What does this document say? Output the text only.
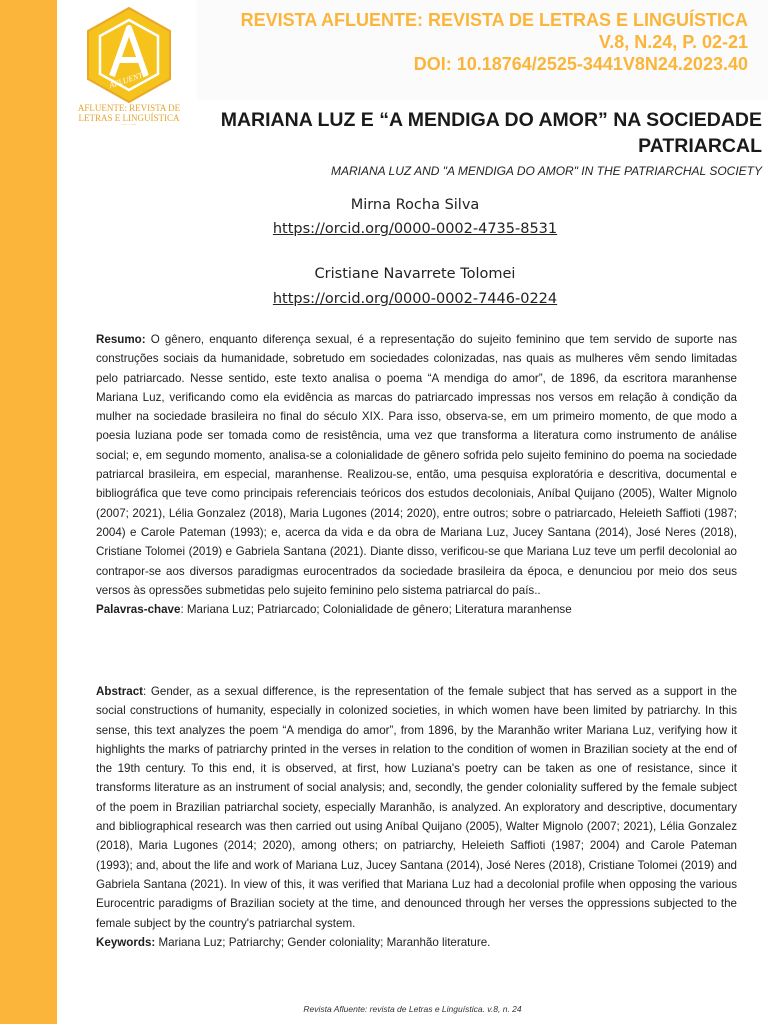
AFLUENTE
AFLUENTE: REVISTA DE
LETRAS E LINGUÍSTICA
— · —
REVISTA AFLUENTE: REVISTA DE LETRAS E LINGUÍSTICA
V.8, N.24, P. 02-21
DOI: 10.18764/2525-3441V8N24.2023.40
MARIANA LUZ E “A MENDIGA DO AMOR” NA SOCIEDADE PATRIARCAL
MARIANA LUZ AND "A MENDIGA DO AMOR" IN THE PATRIARCHAL SOCIETY
Mirna Rocha Silva
https://orcid.org/0000-0002-4735-8531
Cristiane Navarrete Tolomei
https://orcid.org/0000-0002-7446-0224

Resumo: O gênero, enquanto diferença sexual, é a representação do sujeito feminino que tem servido de suporte nas construções sociais da humanidade, sobretudo em sociedades colonizadas, nas quais as mulheres vêm sendo limitadas pelo patriarcado. Nesse sentido, este texto analisa o poema “A mendiga do amor”, de 1896, da escritora maranhense Mariana Luz, verificando como ela evidência as marcas do patriarcado impressas nos versos em relação à condição da mulher na sociedade brasileira no final do século XIX. Para isso, observa-se, em um primeiro momento, de que modo a poesia luziana pode ser tomada como de resistência, uma vez que transforma a literatura como instrumento de análise social; e, em segundo momento, analisa-se a colonialidade de gênero sofrida pelo sujeito feminino do poema na sociedade patriarcal brasileira, em especial, maranhense. Realizou-se, então, uma pesquisa exploratória e descritiva, documental e bibliográfica que teve como principais referenciais teóricos dos estudos decoloniais, Aníbal Quijano (2005), Walter Mignolo (2007; 2021), Lélia Gonzalez (2018), Maria Lugones (2014; 2020), entre outros; sobre o patriarcado, Heleieth Saffioti (1987; 2004) e Carole Pateman (1993); e, acerca da vida e da obra de Mariana Luz, Jucey Santana (2014), José Neres (2018), Cristiane Tolomei (2019) e Gabriela Santana (2021). Diante disso, verificou-se que Mariana Luz teve um perfil decolonial ao contrapor-se aos diversos paradigmas eurocentrados da sociedade brasileira da época, e denunciou por meio dos seus versos às opressões submetidas pelo sujeito feminino pelo sistema patriarcal do país..

Palavras-chave: Mariana Luz; Patriarcado; Colonialidade de gênero; Literatura maranhense

Abstract: Gender, as a sexual difference, is the representation of the female subject that has served as a support in the social constructions of humanity, especially in colonized societies, in which women have been limited by patriarchy. In this sense, this text analyzes the poem “A mendiga do amor”, from 1896, by the Maranhão writer Mariana Luz, verifying how it highlights the marks of patriarchy printed in the verses in relation to the condition of women in Brazilian society at the end of the 19th century. To this end, it is observed, at first, how Luziana's poetry can be taken as one of resistance, since it transforms literature as an instrument of social analysis; and, secondly, the gender coloniality suffered by the female subject of the poem in Brazilian patriarchal society, especially Maranhão, is analyzed. An exploratory and descriptive, documentary and bibliographical research was then carried out using Aníbal Quijano (2005), Walter Mignolo (2007; 2021), Lélia Gonzalez (2018), Maria Lugones (2014; 2020), among others; on patriarchy, Heleieth Saffioti (1987; 2004) and Carole Pateman (1993); and, about the life and work of Mariana Luz, Jucey Santana (2014), José Neres (2018), Cristiane Tolomei (2019) and Gabriela Santana (2021). In view of this, it was verified that Mariana Luz had a decolonial profile when opposing the various Eurocentric paradigms of Brazilian society at the time, and denounced through her verses the oppressions subjected to the female subject by the country's patriarchal system.

Keywords: Mariana Luz; Patriarchy; Gender coloniality; Maranhão literature.

Revista Afluente: revista de Letras e Linguística. v.8, n. 24
